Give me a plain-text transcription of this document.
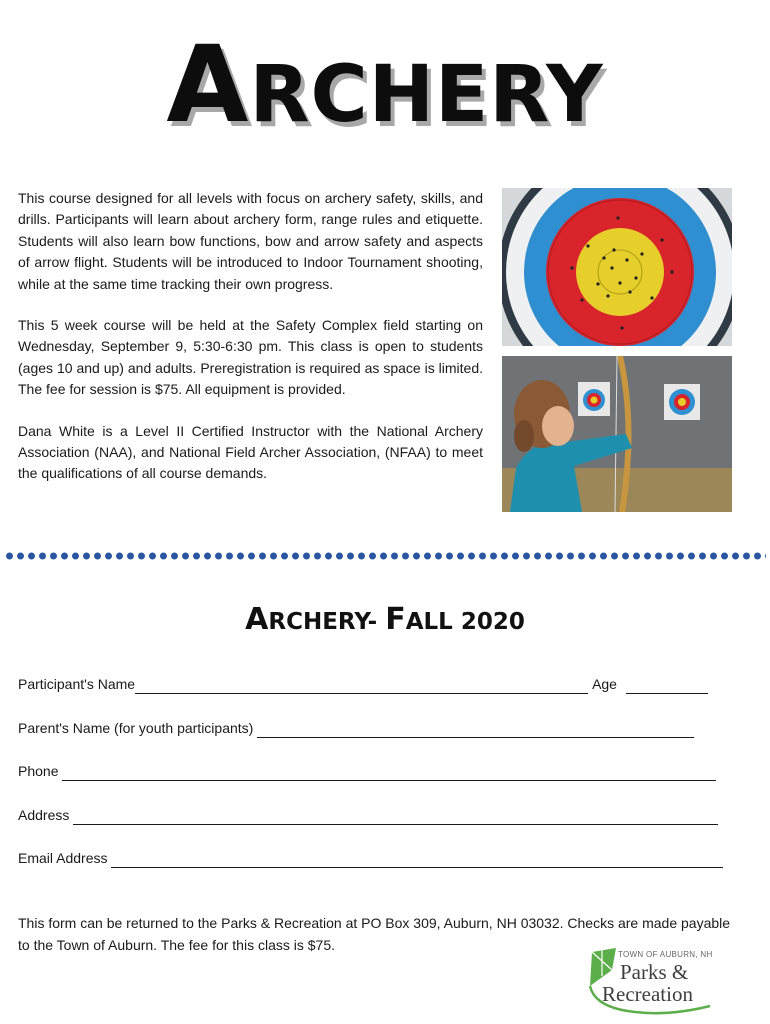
ARCHERY

This course designed for all levels with focus on archery safety, skills, and drills. Participants will learn about archery form, range rules and etiquette. Students will also learn bow functions, bow and arrow safety and aspects of arrow flight. Students will be introduced to Indoor Tournament shooting, while at the same time tracking their own progress.

This 5 week course will be held at the Safety Complex field starting on Wednesday, September 9, 5:30-6:30 pm. This class is open to students (ages 10 and up) and adults. Preregistration is required as space is limited. The fee for session is $75. All equipment is provided.

Dana White is a Level II Certified Instructor with the National Archery Association (NAA), and National Field Archer Association, (NFAA) to meet the qualifications of all course demands.

ARCHERY- FALL 2020
Participant's Name	Age
Parent's Name (for youth participants)
Phone
Address
Email Address
This form can be returned to the Parks & Recreation at PO Box 309, Auburn, NH 03032. Checks are made payable to the Town of Auburn. The fee for this class is $75.
TOWN OF AUBURN, NH
Parks &
Recreation
